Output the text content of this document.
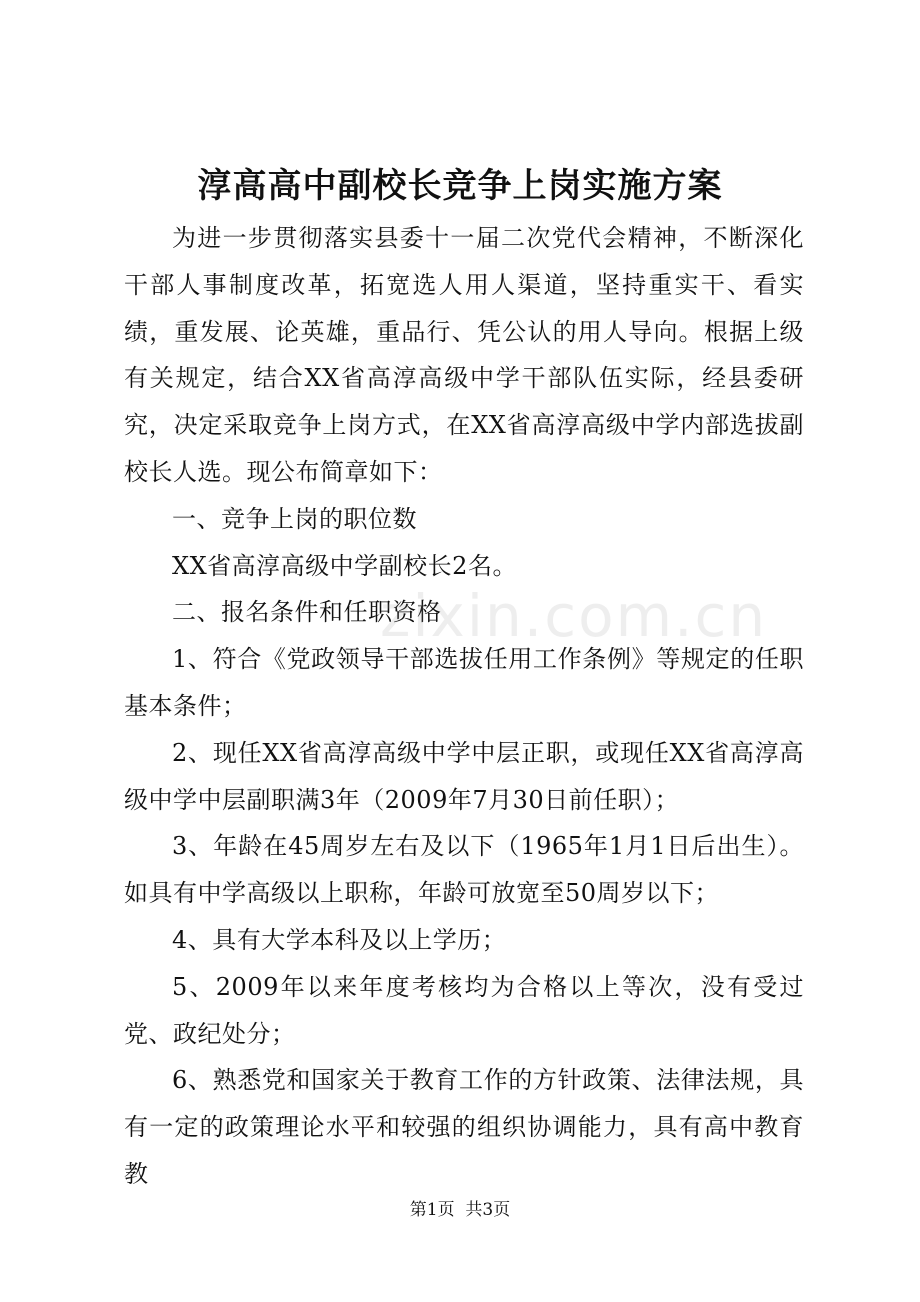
淳高高中副校长竞争上岗实施方案

为进一步贯彻落实县委十一届二次党代会精神，不断深化干部人事制度改革，拓宽选人用人渠道，坚持重实干、看实绩，重发展、论英雄，重品行、凭公认的用人导向。根据上级有关规定，结合XX省高淳高级中学干部队伍实际，经县委研究，决定采取竞争上岗方式，在XX省高淳高级中学内部选拔副校长人选。现公布简章如下：

一、竞争上岗的职位数

XX省高淳高级中学副校长2名。

二、报名条件和任职资格

1、符合《党政领导干部选拔任用工作条例》等规定的任职基本条件；

2、现任XX省高淳高级中学中层正职，或现任XX省高淳高级中学中层副职满3年（2009年7月30日前任职）；

3、年龄在45周岁左右及以下（1965年1月1日后出生）。如具有中学高级以上职称，年龄可放宽至50周岁以下；

4、具有大学本科及以上学历；

5、2009年以来年度考核均为合格以上等次，没有受过党、政纪处分；

6、熟悉党和国家关于教育工作的方针政策、法律法规，具有一定的政策理论水平和较强的组织协调能力，具有高中教育教

zixin.com.cn
第1页 共3页
